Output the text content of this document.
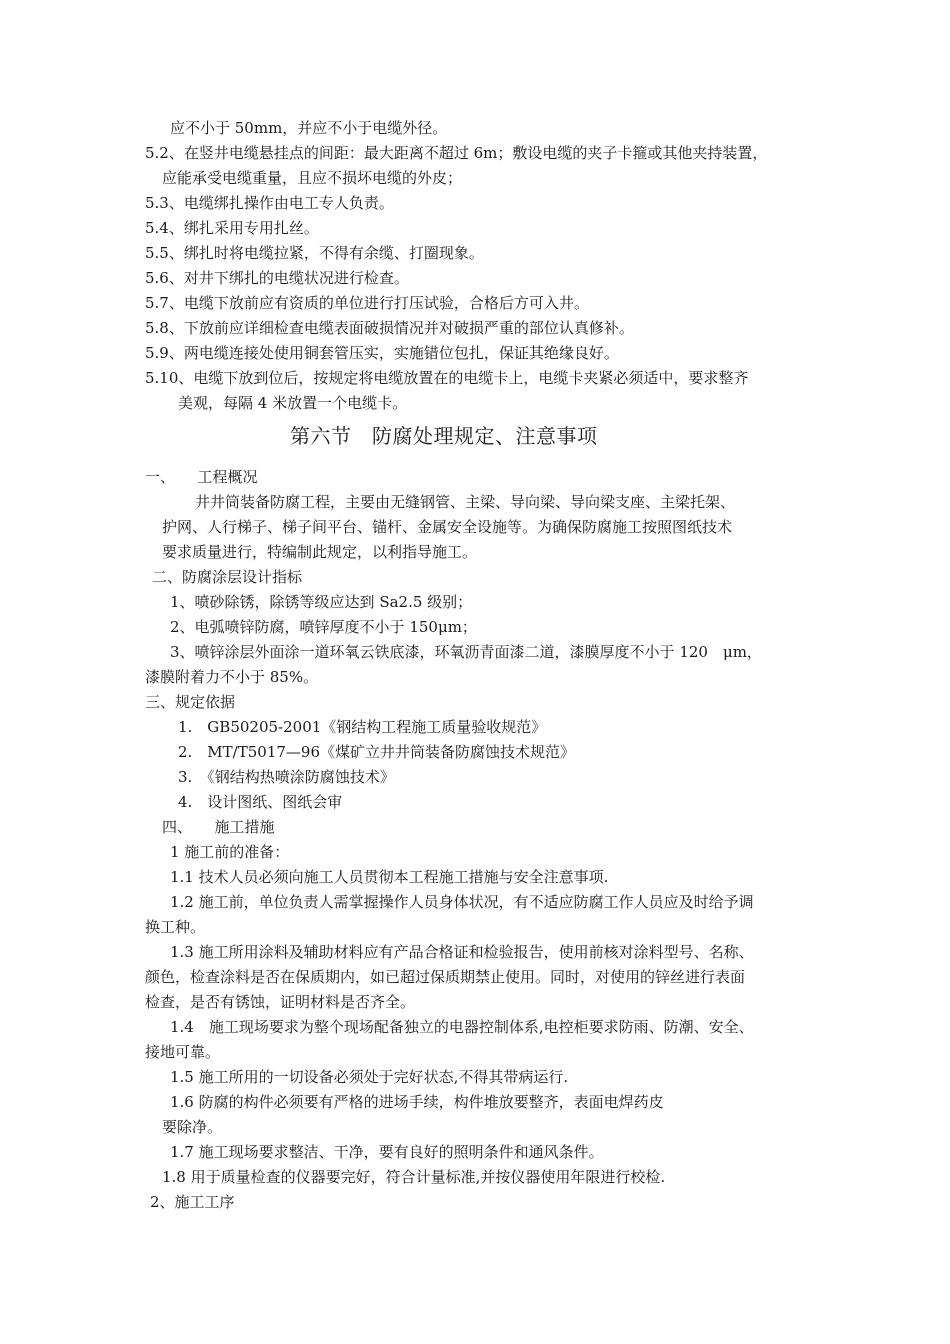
应不小于 50mm，并应不小于电缆外径。
5.2、在竖井电缆悬挂点的间距：最大距离不超过 6m；敷设电缆的夹子卡箍或其他夹持装置，
应能承受电缆重量，且应不损坏电缆的外皮；
5.3、电缆绑扎操作由电工专人负责。
5.4、绑扎采用专用扎丝。
5.5、绑扎时将电缆拉紧，不得有余缆、打圈现象。
5.6、对井下绑扎的电缆状况进行检查。
5.7、电缆下放前应有资质的单位进行打压试验，合格后方可入井。
5.8、下放前应详细检查电缆表面破损情况并对破损严重的部位认真修补。
5.9、两电缆连接处使用铜套管压实，实施错位包扎，保证其绝缘良好。
5.10、电缆下放到位后，按规定将电缆放置在的电缆卡上，电缆卡夹紧必须适中，要求整齐
美观，每隔 4 米放置一个电缆卡。
第六节　防腐处理规定、注意事项
一、　　工程概况
井井筒装备防腐工程，主要由无缝钢管、主梁、导向梁、导向梁支座、主梁托架、
护网、人行梯子、梯子间平台、锚杆、金属安全设施等。为确保防腐施工按照图纸技术
要求质量进行，特编制此规定，以利指导施工。
二、防腐涂层设计指标
1、喷砂除锈，除锈等级应达到 Sa2.5 级别；
2、电弧喷锌防腐，喷锌厚度不小于 150μm；
3、喷锌涂层外面涂一道环氧云铁底漆，环氧沥青面漆二道，漆膜厚度不小于 120　μm，
漆膜附着力不小于 85%。
三、规定依据
1.　GB50205-2001《钢结构工程施工质量验收规范》
2.　MT/T5017—96《煤矿立井井筒装备防腐蚀技术规范》
3.　《钢结构热喷涂防腐蚀技术》
4.　设计图纸、图纸会审
四、　　施工措施
1 施工前的准备：
1.1 技术人员必须向施工人员贯彻本工程施工措施与安全注意事项.
1.2 施工前，单位负责人需掌握操作人员身体状况，有不适应防腐工作人员应及时给予调
换工种。
1.3 施工所用涂料及辅助材料应有产品合格证和检验报告，使用前核对涂料型号、名称、
颜色，检查涂料是否在保质期内，如已超过保质期禁止使用。同时，对使用的锌丝进行表面
检查，是否有锈蚀，证明材料是否齐全。
1.4　施工现场要求为整个现场配备独立的电器控制体系,电控柜要求防雨、防潮、安全、
接地可靠。
1.5 施工所用的一切设备必须处于完好状态,不得其带病运行.
1.6 防腐的构件必须要有严格的进场手续，构件堆放要整齐，表面电焊药皮
要除净。
1.7 施工现场要求整洁、干净，要有良好的照明条件和通风条件。
1.8 用于质量检查的仪器要完好，符合计量标准,并按仪器使用年限进行校检.
2、施工工序
